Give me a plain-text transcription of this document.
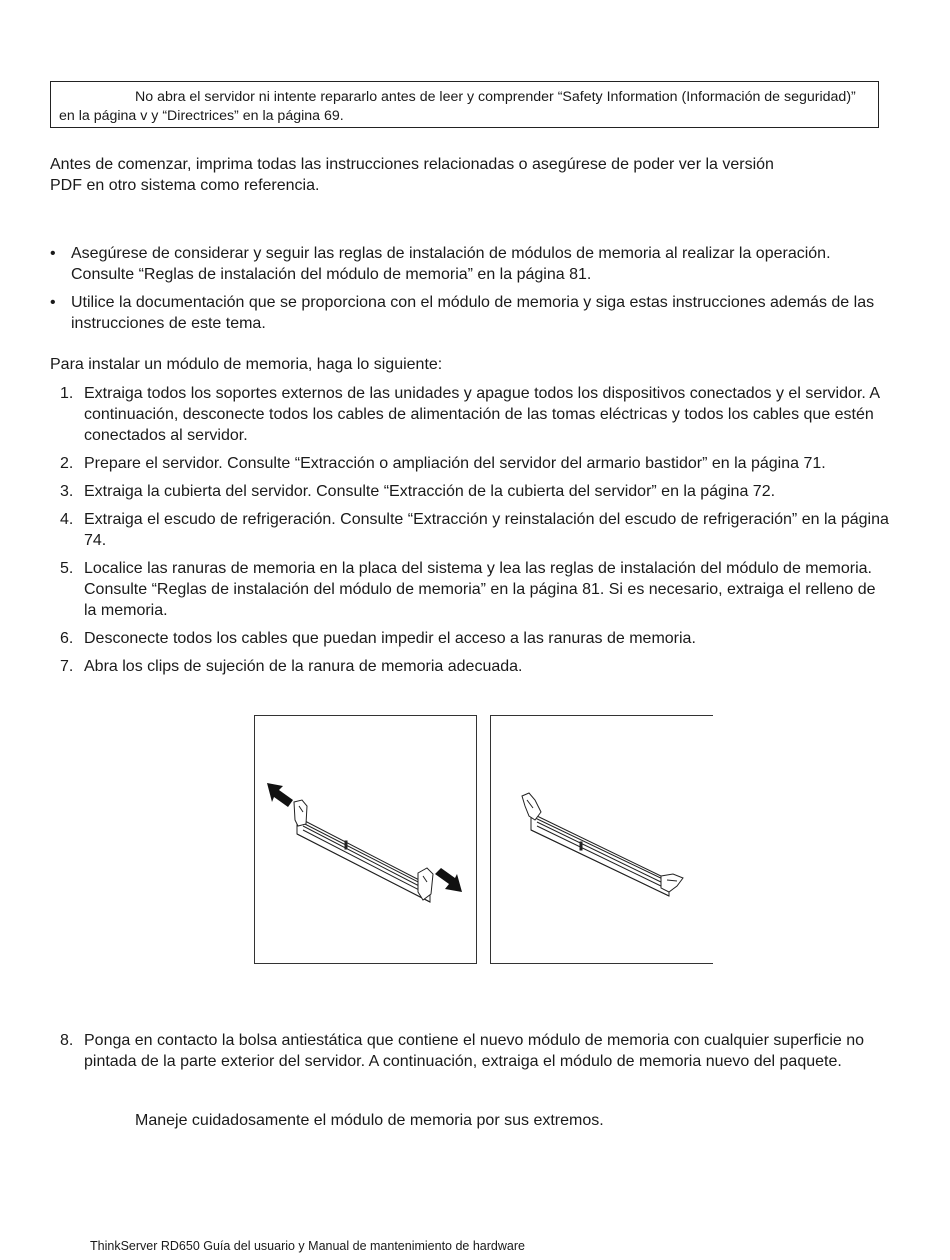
No abra el servidor ni intente repararlo antes de leer y comprender “Safety Information (Información de seguridad)” en la página v y “Directrices” en la página 69.
Antes de comenzar, imprima todas las instrucciones relacionadas o asegúrese de poder ver la versión
PDF en otro sistema como referencia.
• Asegúrese de considerar y seguir las reglas de instalación de módulos de memoria al realizar la operación. Consulte “Reglas de instalación del módulo de memoria” en la página 81.
• Utilice la documentación que se proporciona con el módulo de memoria y siga estas instrucciones además de las instrucciones de este tema.
Para instalar un módulo de memoria, haga lo siguiente:
1. Extraiga todos los soportes externos de las unidades y apague todos los dispositivos conectados y el servidor. A continuación, desconecte todos los cables de alimentación de las tomas eléctricas y todos los cables que estén conectados al servidor.
2. Prepare el servidor. Consulte “Extracción o ampliación del servidor del armario bastidor” en la página 71.
3. Extraiga la cubierta del servidor. Consulte “Extracción de la cubierta del servidor” en la página 72.
4. Extraiga el escudo de refrigeración. Consulte “Extracción y reinstalación del escudo de refrigeración” en la página 74.
5. Localice las ranuras de memoria en la placa del sistema y lea las reglas de instalación del módulo de memoria. Consulte “Reglas de instalación del módulo de memoria” en la página 81. Si es necesario, extraiga el relleno de la memoria.
6. Desconecte todos los cables que puedan impedir el acceso a las ranuras de memoria.
7. Abra los clips de sujeción de la ranura de memoria adecuada.
8. Ponga en contacto la bolsa antiestática que contiene el nuevo módulo de memoria con cualquier superficie no pintada de la parte exterior del servidor. A continuación, extraiga el módulo de memoria nuevo del paquete.
Maneje cuidadosamente el módulo de memoria por sus extremos.
ThinkServer RD650 Guía del usuario y Manual de mantenimiento de hardware
